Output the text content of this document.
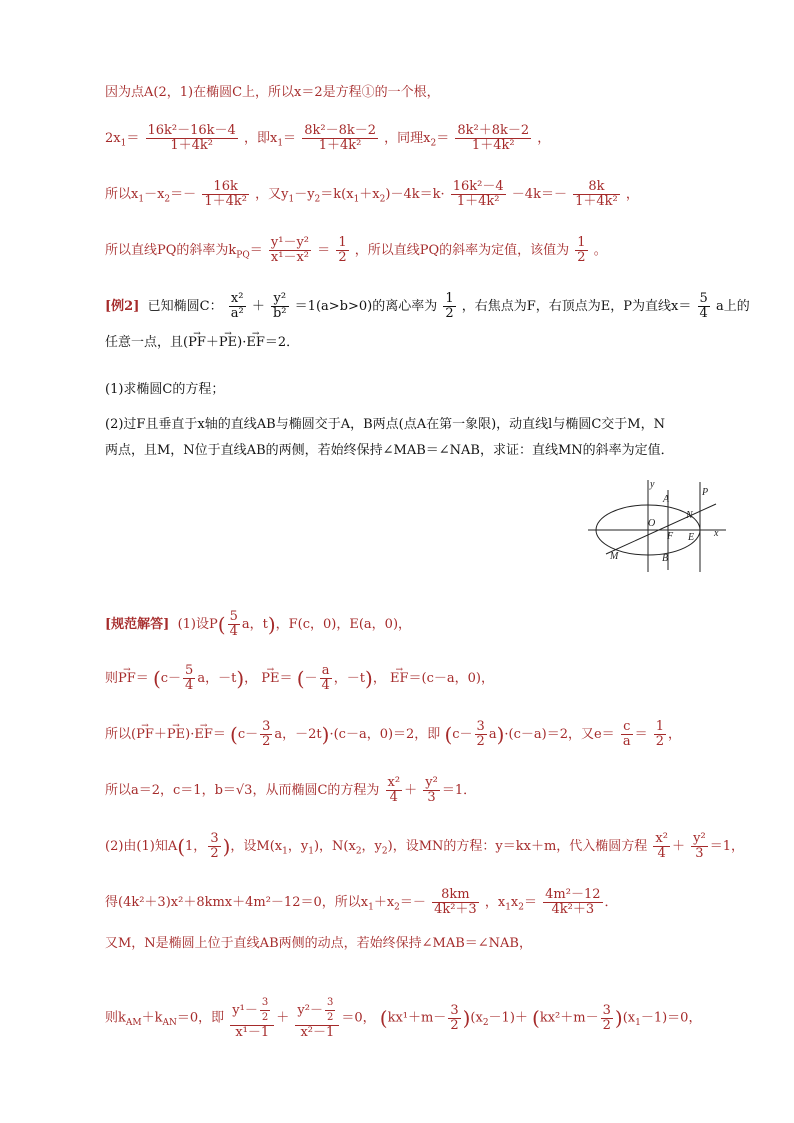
因为点A(2，1)在椭圆C上，所以x＝2是方程①的一个根，
$2x_1= \frac{\text{16k²－16k－4}}{\text{1＋4k²}}$ ，即$x_1= \frac{\text{8k²－8k－2}}{\text{1＋4k²}}$ ，同理$x_2= \frac{\text{8k²＋8k－2}}{\text{1＋4k²}}$ ，
所以$x_1-x_2=- \frac{16k}{\text{1＋4k²}}$ ，又$y_1-y_2=k(x_1+x_2)-4k=k\cdot \frac{\text{16k²－4}}{\text{1＋4k²}} -4k=- \frac{8k}{\text{1＋4k²}}$ ，
所以直线PQ的斜率为$k_{PQ}= \frac{\text{y¹－y²}}{\text{x¹－x²}} = \frac{1}{2}$ ，所以直线PQ的斜率为定值，该值为 $\frac{1}{2}$ 。
[例2] 已知椭圆C： $\frac{\text{x²}}{\text{a²}} + \frac{\text{y²}}{\text{b²}} =1(a>b>0)$的离心率为 $\frac{1}{2}$ ，右焦点为F，右顶点为E，P为直线$x= \frac{5}{4}$ a上的
任意一点，且(→ PF＋→ PE)·→ EF＝2．
(1)求椭圆C的方程；
(2)过F且垂直于x轴的直线AB与椭圆交于A，B两点(点A在第一象限)，动直线l与椭圆C交于M，N
两点，且M，N位于直线AB的两侧，若始终保持∠MAB＝∠NAB，求证：直线MN的斜率为定值．
y
A
P
N
O
F E x
M	B
[规范解答] (1)设$P( \frac{5}{4}$ a，t)，F(c，0)，E(a，0)，
则→ $PF= (c- \frac{5}{4}$ a，－t)， → PE＝ (－ $\frac{a}{4}$ ，－t)， → EF＝(c－a，0)，
所以(→ $PF+\to PE)\cdot\to EF= (c- \frac{3}{2}$ a，－2t)·(c－a，0)＝2，即 $(c- \frac{3}{2} a)\cdot(c-a)=2$，又$e= \frac{c}{a} = \frac{1}{2}$ ，
所以a＝2，c＝1，b＝√3，从而椭圆C的方程为 $\frac{\text{x²}}{4} + \frac{\text{y²}}{3} =1$．
(2)由(1)知A(1， $\frac{3}{2}$ )，设$M(x_1$，$y_1$)，$N(x_2$，$y_2$)，设MN的方程：y＝kx＋m，代入椭圆方程 $\frac{\text{x²}}{4} + \frac{\text{y²}}{3} =1$，
得(4k²＋3)x²＋8kmx＋4m²－12＝0，所以$x_1+x_2=- \frac{8km}{\text{4k²＋3}}$ ，$x_1x_2= \frac{\text{4m²－12}}{\text{4k²＋3}}$ ．
又M，N是椭圆上位于直线AB两侧的动点，若始终保持∠MAB＝∠NAB，
则$k_{AM}+k_{AN}=0$，即 $\frac{y^1- \frac{3}{2}}{\text{x¹－1}} + \frac{y^2- \frac{3}{2}}{\text{x²－1}} =0$， $(kx^1+m- \frac{3}{2} )(x_2-1)+ (kx^2+m- \frac{3}{2} )(x_1-1)=0$，
